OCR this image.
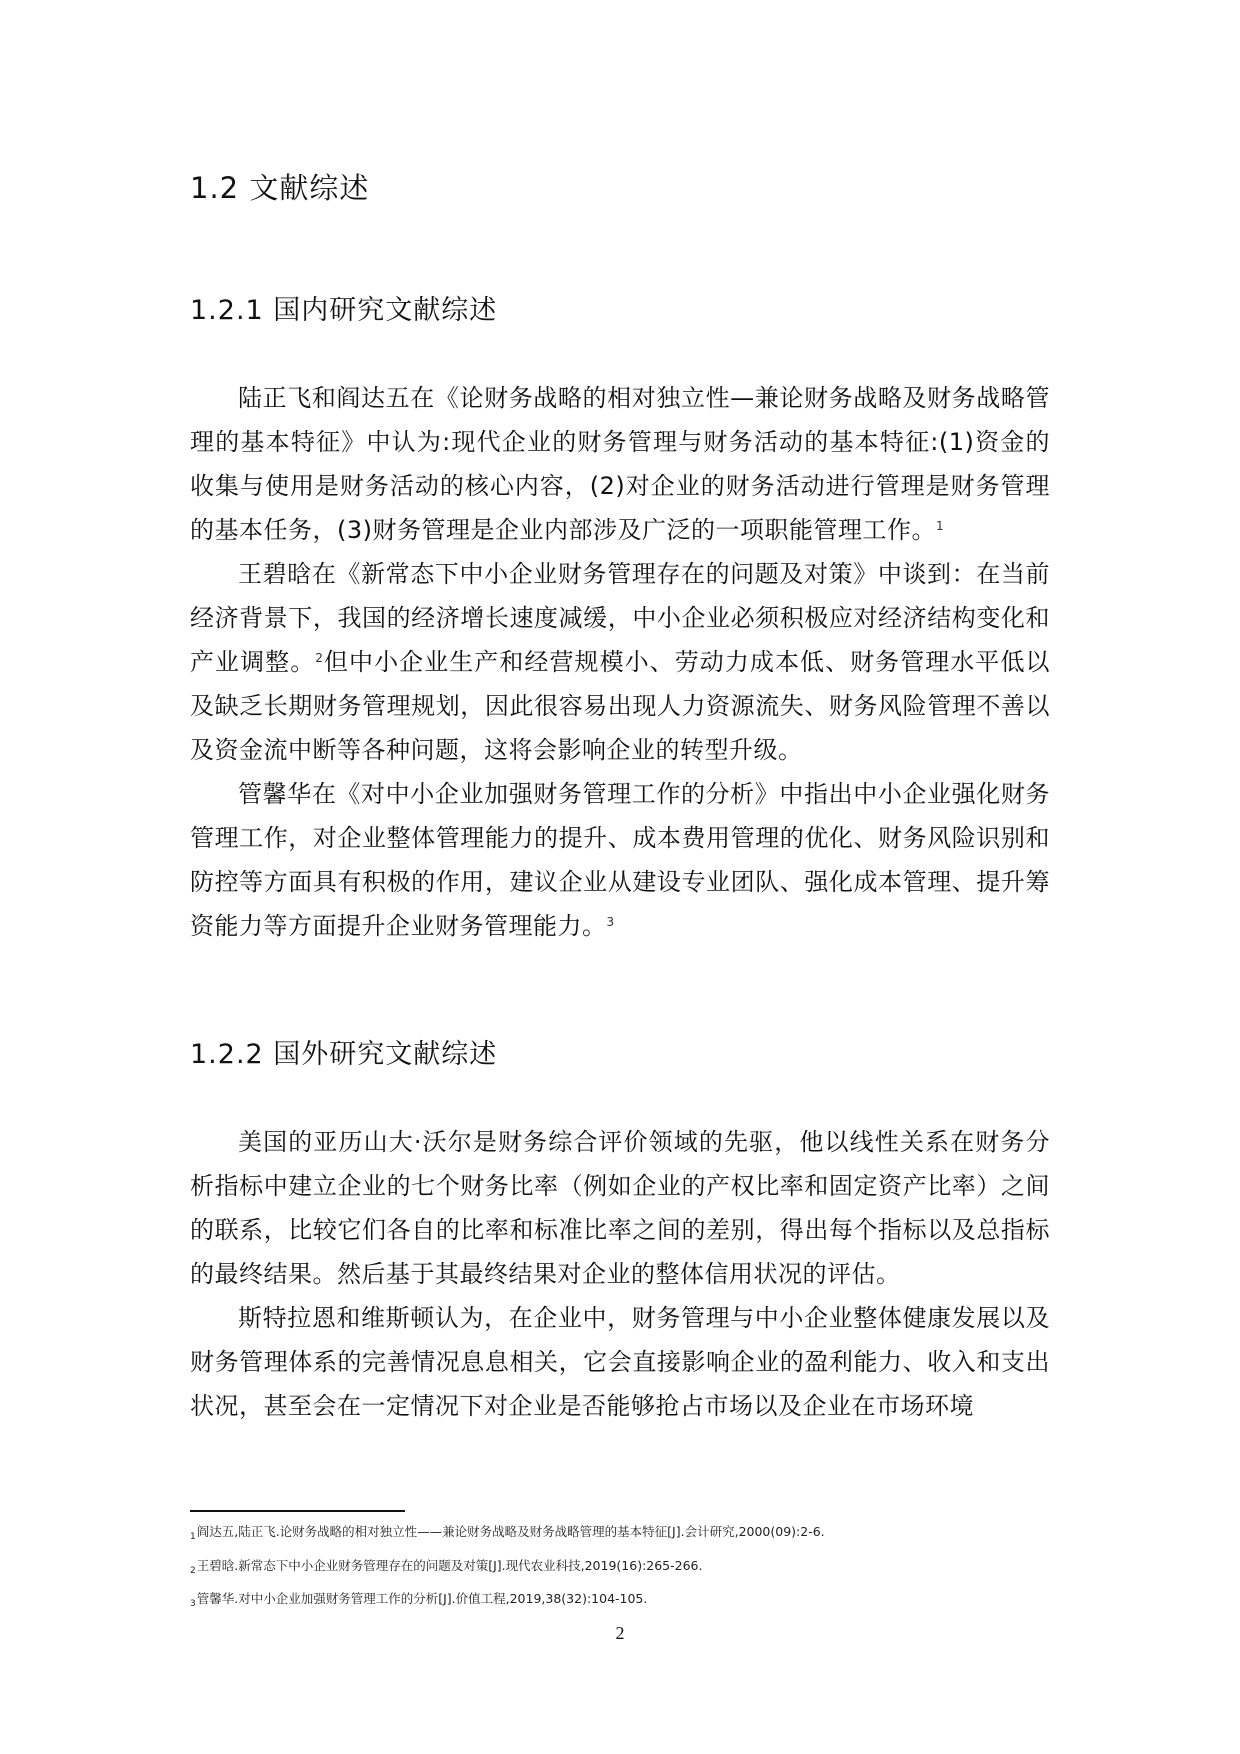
1.2 文献综述
1.2.1 国内研究文献综述

陆正飞和阎达五在《论财务战略的相对独立性—兼论财务战略及财务战略管理的基本特征》中认为:现代企业的财务管理与财务活动的基本特征:(1)资金的收集与使用是财务活动的核心内容，(2)对企业的财务活动进行管理是财务管理的基本任务，(3)财务管理是企业内部涉及广泛的一项职能管理工作。$^1$

王碧晗在《新常态下中小企业财务管理存在的问题及对策》中谈到：在当前经济背景下，我国的经济增长速度减缓，中小企业必须积极应对经济结构变化和产业调整。$^2$但中小企业生产和经营规模小、劳动力成本低、财务管理水平低以及缺乏长期财务管理规划，因此很容易出现人力资源流失、财务风险管理不善以及资金流中断等各种问题，这将会影响企业的转型升级。

管馨华在《对中小企业加强财务管理工作的分析》中指出中小企业强化财务管理工作，对企业整体管理能力的提升、成本费用管理的优化、财务风险识别和防控等方面具有积极的作用，建议企业从建设专业团队、强化成本管理、提升筹资能力等方面提升企业财务管理能力。$^3$

1.2.2 国外研究文献综述

美国的亚历山大·沃尔是财务综合评价领域的先驱，他以线性关系在财务分析指标中建立企业的七个财务比率（例如企业的产权比率和固定资产比率）之间的联系，比较它们各自的比率和标准比率之间的差别，得出每个指标以及总指标的最终结果。然后基于其最终结果对企业的整体信用状况的评估。

斯特拉恩和维斯顿认为，在企业中，财务管理与中小企业整体健康发展以及财务管理体系的完善情况息息相关，它会直接影响企业的盈利能力、收入和支出状况，甚至会在一定情况下对企业是否能够抢占市场以及企业在市场环境

$_1$阎达五,陆正飞.论财务战略的相对独立性——兼论财务战略及财务战略管理的基本特征[J].会计研究,2000(09):2-6.
$_2$王碧晗.新常态下中小企业财务管理存在的问题及对策[J].现代农业科技,2019(16):265-266.
$_3$管馨华.对中小企业加强财务管理工作的分析[J].价值工程,2019,38(32):104-105.
2
